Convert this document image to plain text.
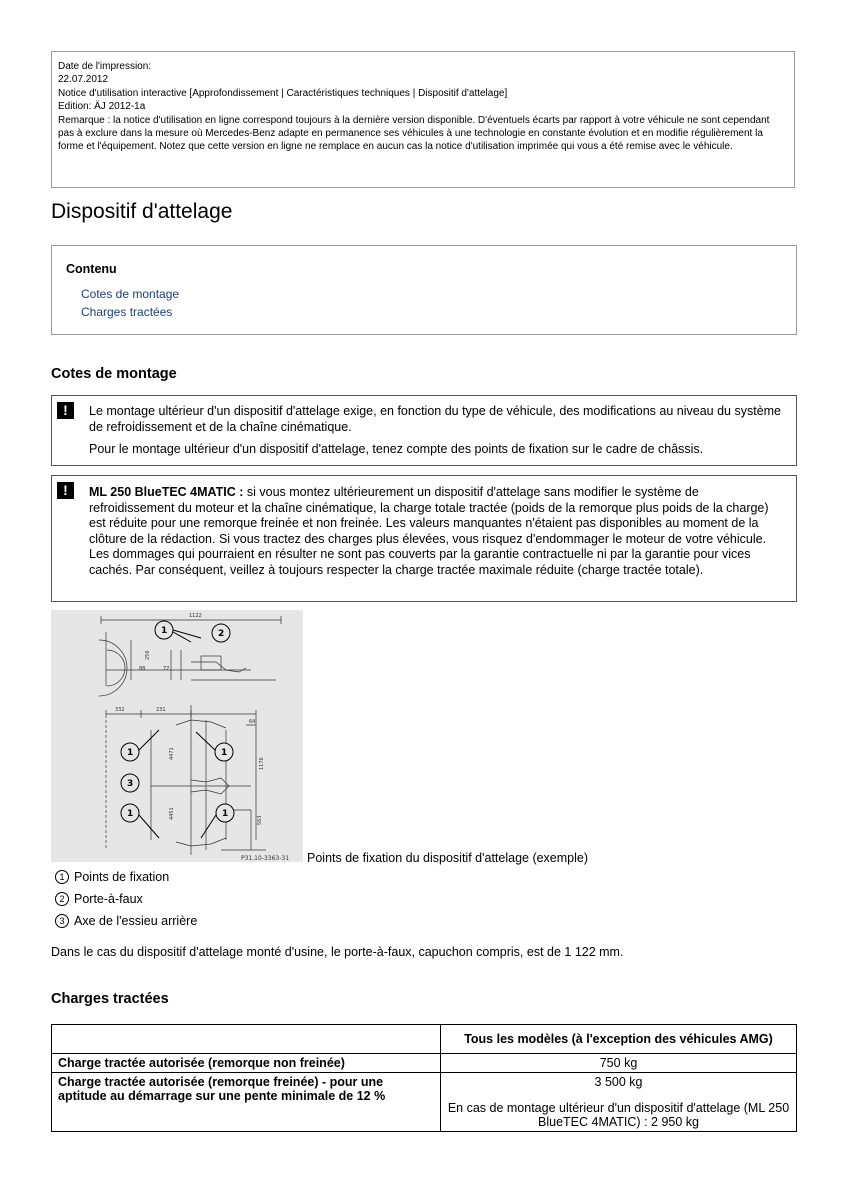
Date de l'impression:
22.07.2012
Notice d'utilisation interactive [Approfondissement | Caractéristiques techniques | Dispositif d'attelage]
Edition: ÄJ 2012-1a
Remarque : la notice d'utilisation en ligne correspond toujours à la dernière version disponible. D'éventuels écarts par rapport à votre véhicule ne sont cependant pas à exclure dans la mesure où Mercedes-Benz adapte en permanence ses véhicules à une technologie en constante évolution et en modifie régulièrement la forme et l'équipement. Notez que cette version en ligne ne remplace en aucun cas la notice d'utilisation imprimée qui vous a été remise avec le véhicule.
Dispositif d'attelage
Contenu
Cotes de montage
Charges tractées
Cotes de montage
!	Le montage ultérieur d'un dispositif d'attelage exige, en fonction du type de véhicule, des modifications au niveau du système de refroidissement et de la chaîne cinématique.

Pour le montage ultérieur d'un dispositif d'attelage, tenez compte des points de fixation sur le cadre de châssis.

!	ML 250 BlueTEC 4MATIC : si vous montez ultérieurement un dispositif d'attelage sans modifier le système de refroidissement du moteur et la chaîne cinématique, la charge totale tractée (poids de la remorque plus poids de la charge) est réduite pour une remorque freinée et non freinée. Les valeurs manquantes n'étaient pas disponibles au moment de la clôture de la rédaction. Si vous tractez des charges plus élevées, vous risquez d'endommager le moteur de votre véhicule. Les dommages qui pourraient en résulter ne sont pas couverts par la garantie contractuelle ni par la garantie pour vices cachés. Par conséquent, veillez à toujours respecter la charge tractée maximale réduite (charge tractée totale).

1122
256
88	77
332	231
64
4471
1176
563
4451
P31.10-3363-31
1	2
1
3
1	1
1
Points de fixation du dispositif d'attelage (exemple)
1 Points de fixation
2 Porte-à-faux
3 Axe de l'essieu arrière
Dans le cas du dispositif d'attelage monté d'usine, le porte-à-faux, capuchon compris, est de 1 122 mm.
Charges tractées
	Tous les modèles (à l'exception des véhicules AMG)
Charge tractée autorisée (remorque non freinée)	750 kg
Charge tractée autorisée (remorque freinée) - pour une aptitude au démarrage sur une pente minimale de 12 %	3 500 kg
En cas de montage ultérieur d'un dispositif d'attelage (ML 250 BlueTEC 4MATIC) : 2 950 kg
